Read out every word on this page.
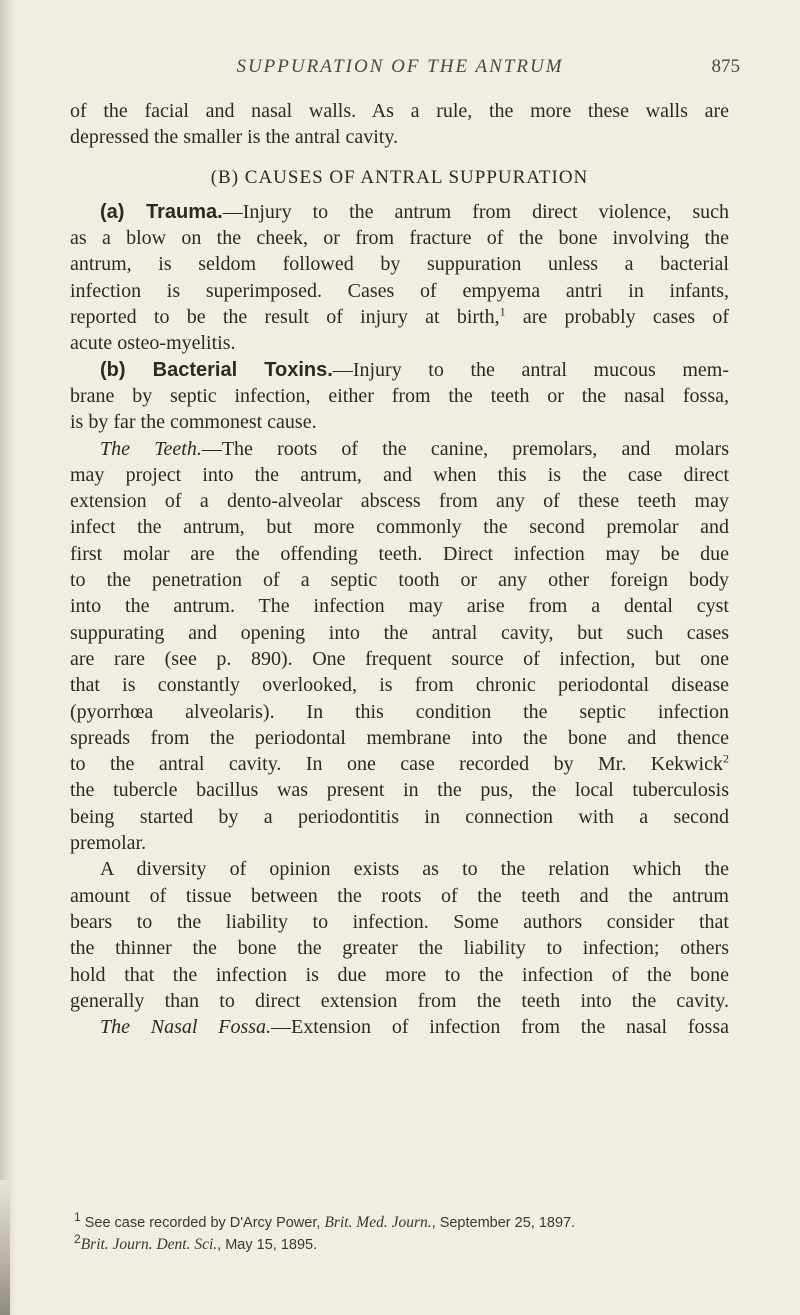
SUPPURATION OF THE ANTRUM	875
of the facial and nasal walls. As a rule, the more these walls are
depressed the smaller is the antral cavity.
(B) CAUSES OF ANTRAL SUPPURATION
(a) Trauma.—Injury to the antrum from direct violence, such
as a blow on the cheek, or from fracture of the bone involving the
antrum, is seldom followed by suppuration unless a bacterial
infection is superimposed. Cases of empyema antri in infants,
reported to be the result of injury at birth,$^1$ are probably cases of
acute osteo-myelitis.
(b) Bacterial Toxins.—Injury to the antral mucous mem-
brane by septic infection, either from the teeth or the nasal fossa,
is by far the commonest cause.
The Teeth.—The roots of the canine, premolars, and molars
may project into the antrum, and when this is the case direct
extension of a dento-alveolar abscess from any of these teeth may
infect the antrum, but more commonly the second premolar and
first molar are the offending teeth. Direct infection may be due
to the penetration of a septic tooth or any other foreign body
into the antrum. The infection may arise from a dental cyst
suppurating and opening into the antral cavity, but such cases
are rare (see p. 890). One frequent source of infection, but one
that is constantly overlooked, is from chronic periodontal disease
(pyorrhœa alveolaris). In this condition the septic infection
spreads from the periodontal membrane into the bone and thence
to the antral cavity. In one case recorded by Mr. Kekwick$^2$
the tubercle bacillus was present in the pus, the local tuberculosis
being started by a periodontitis in connection with a second
premolar.
A diversity of opinion exists as to the relation which the
amount of tissue between the roots of the teeth and the antrum
bears to the liability to infection. Some authors consider that
the thinner the bone the greater the liability to infection; others
hold that the infection is due more to the infection of the bone
generally than to direct extension from the teeth into the cavity.
The Nasal Fossa.—Extension of infection from the nasal fossa
$^1$ See case recorded by D'Arcy Power, Brit. Med. Journ., September 25, 1897.
$^2$Brit. Journ. Dent. Sci., May 15, 1895.
